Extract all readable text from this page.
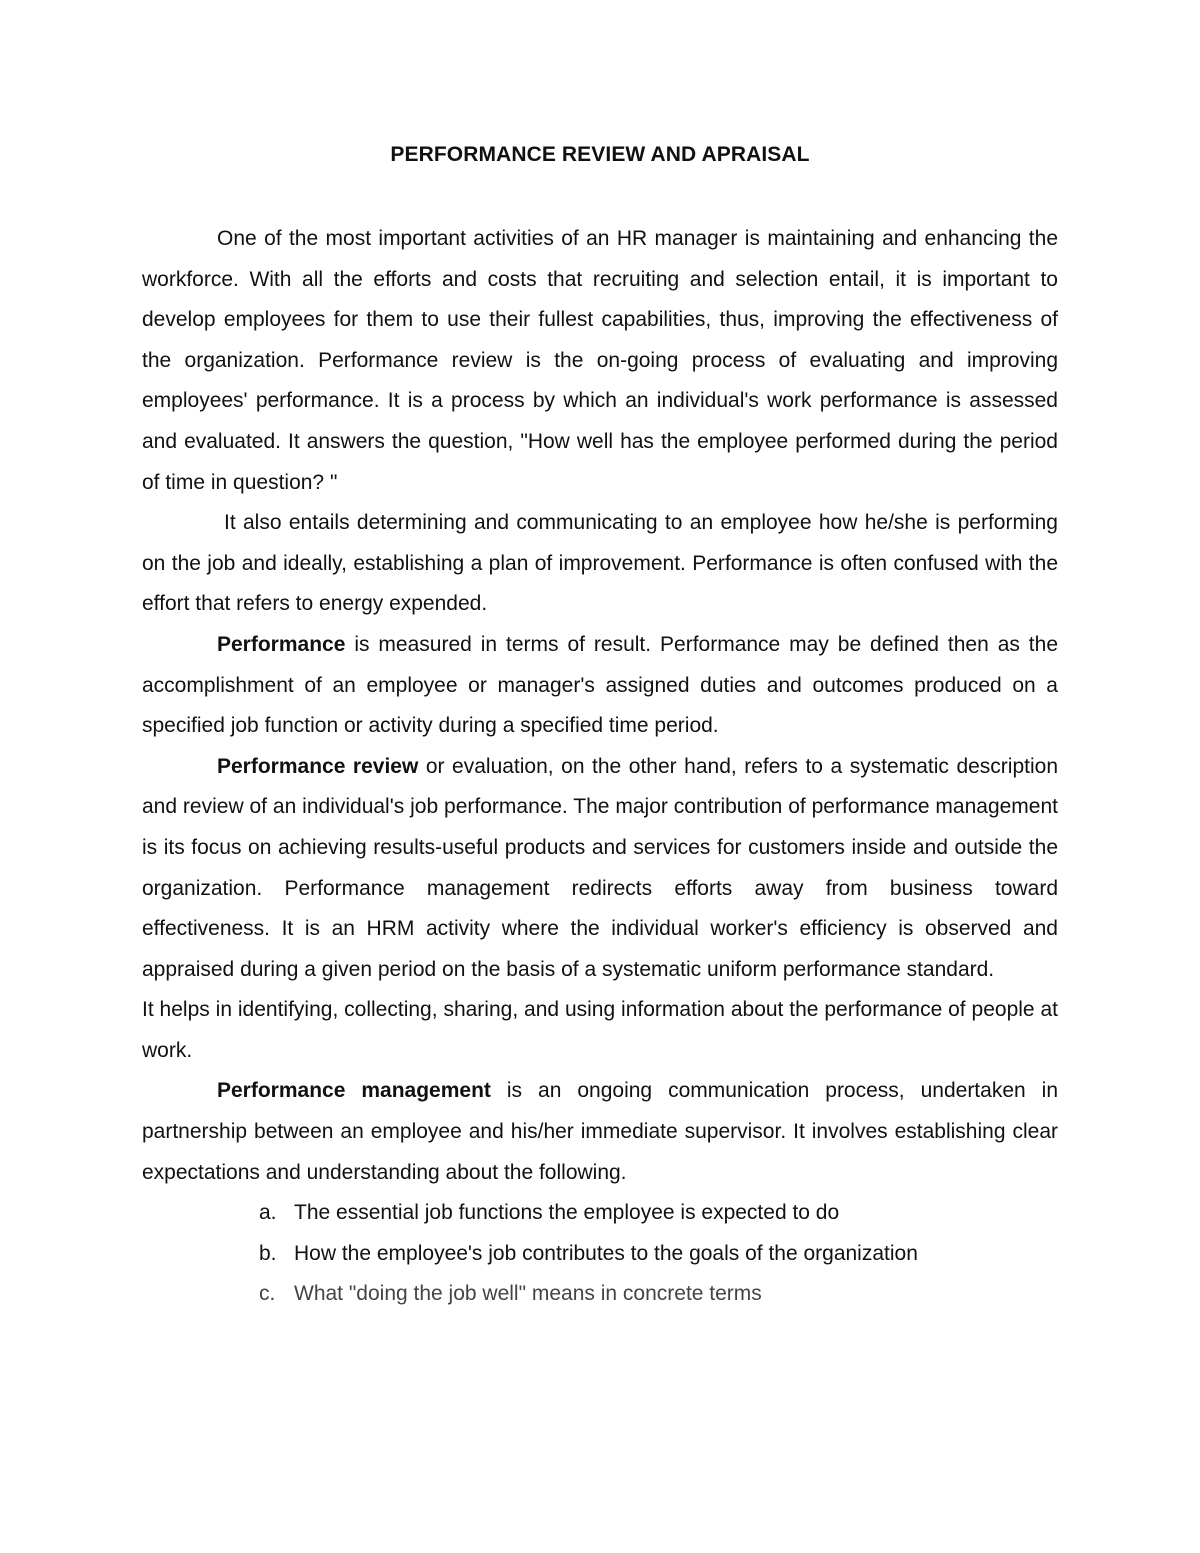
PERFORMANCE REVIEW AND APRAISAL

One of the most important activities of an HR manager is maintaining and enhancing the workforce. With all the efforts and costs that recruiting and selection entail, it is important to develop employees for them to use their fullest capabilities, thus, improving the effectiveness of the organization. Performance review is the on-going process of evaluating and improving employees' performance. It is a process by which an individual's work performance is assessed and evaluated. It answers the question, "How well has the employee performed during the period of time in question? "

It also entails determining and communicating to an employee how he/she is performing on the job and ideally, establishing a plan of improvement. Performance is often confused with the effort that refers to energy expended.

Performance is measured in terms of result. Performance may be defined then as the accomplishment of an employee or manager's assigned duties and outcomes produced on a specified job function or activity during a specified time period.

Performance review or evaluation, on the other hand, refers to a systematic description and review of an individual's job performance. The major contribution of performance management is its focus on achieving results-useful products and services for customers inside and outside the organization. Performance management redirects efforts away from business toward effectiveness. It is an HRM activity where the individual worker's efficiency is observed and appraised during a given period on the basis of a systematic uniform performance standard.

It helps in identifying, collecting, sharing, and using information about the performance of people at work.

Performance management is an ongoing communication process, undertaken in partnership between an employee and his/her immediate supervisor. It involves establishing clear expectations and understanding about the following.

a. The essential job functions the employee is expected to do
b. How the employee's job contributes to the goals of the organization
c. What "doing the job well" means in concrete terms
